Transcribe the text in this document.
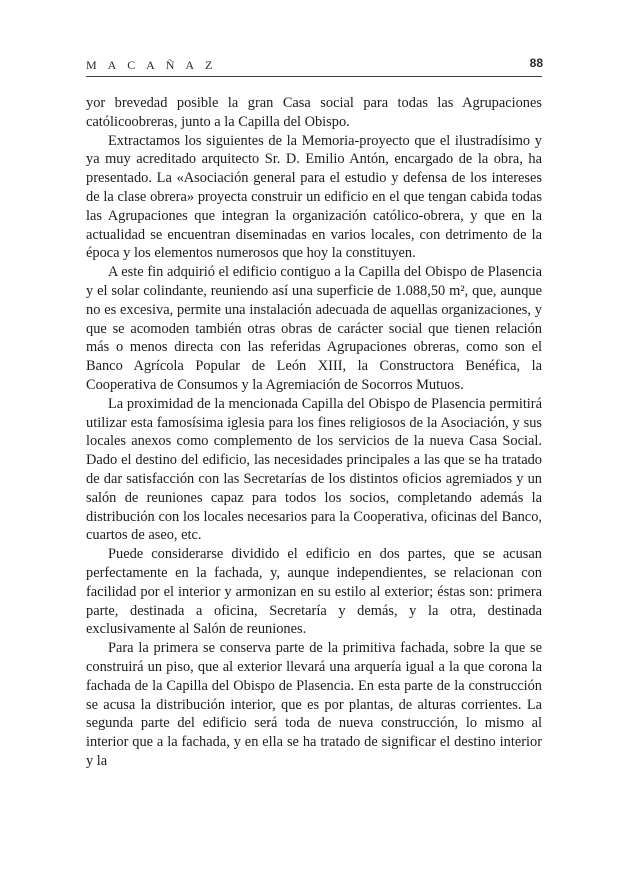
M A C A Ñ A Z	88

yor brevedad posible la gran Casa social para todas las Agrupaciones católicoobreras, junto a la Capilla del Obispo.

Extractamos los siguientes de la Memoria-proyecto que el ilustradísimo y ya muy acreditado arquitecto Sr. D. Emilio Antón, encargado de la obra, ha presentado. La «Asociación general para el estudio y defensa de los intereses de la clase obrera» proyecta construir un edificio en el que tengan cabida todas las Agrupaciones que integran la organización católico-obrera, y que en la actualidad se encuentran diseminadas en varios locales, con detrimento de la época y los elementos numerosos que hoy la constituyen.

A este fin adquirió el edificio contiguo a la Capilla del Obispo de Plasencia y el solar colindante, reuniendo así una superficie de 1.088,50 m², que, aunque no es excesiva, permite una instalación adecuada de aquellas organizaciones, y que se acomoden también otras obras de carácter social que tienen relación más o menos directa con las referidas Agrupaciones obreras, como son el Banco Agrícola Popular de León XIII, la Constructora Benéfica, la Cooperativa de Consumos y la Agremiación de Socorros Mutuos.

La proximidad de la mencionada Capilla del Obispo de Plasencia permitirá utilizar esta famosísima iglesia para los fines religiosos de la Asociación, y sus locales anexos como complemento de los servicios de la nueva Casa Social. Dado el destino del edificio, las necesidades principales a las que se ha tratado de dar satisfacción con las Secretarías de los distintos oficios agremiados y un salón de reuniones capaz para todos los socios, completando además la distribución con los locales necesarios para la Cooperativa, oficinas del Banco, cuartos de aseo, etc.

Puede considerarse dividido el edificio en dos partes, que se acusan perfectamente en la fachada, y, aunque independientes, se relacionan con facilidad por el interior y armonizan en su estilo al exterior; éstas son: primera parte, destinada a oficina, Secretaría y demás, y la otra, destinada exclusivamente al Salón de reuniones.

Para la primera se conserva parte de la primitiva fachada, sobre la que se construirá un piso, que al exterior llevará una arquería igual a la que corona la fachada de la Capilla del Obispo de Plasencia. En esta parte de la construcción se acusa la distribución interior, que es por plantas, de alturas corrientes. La segunda parte del edificio será toda de nueva construcción, lo mismo al interior que a la fachada, y en ella se ha tratado de significar el destino interior y la
